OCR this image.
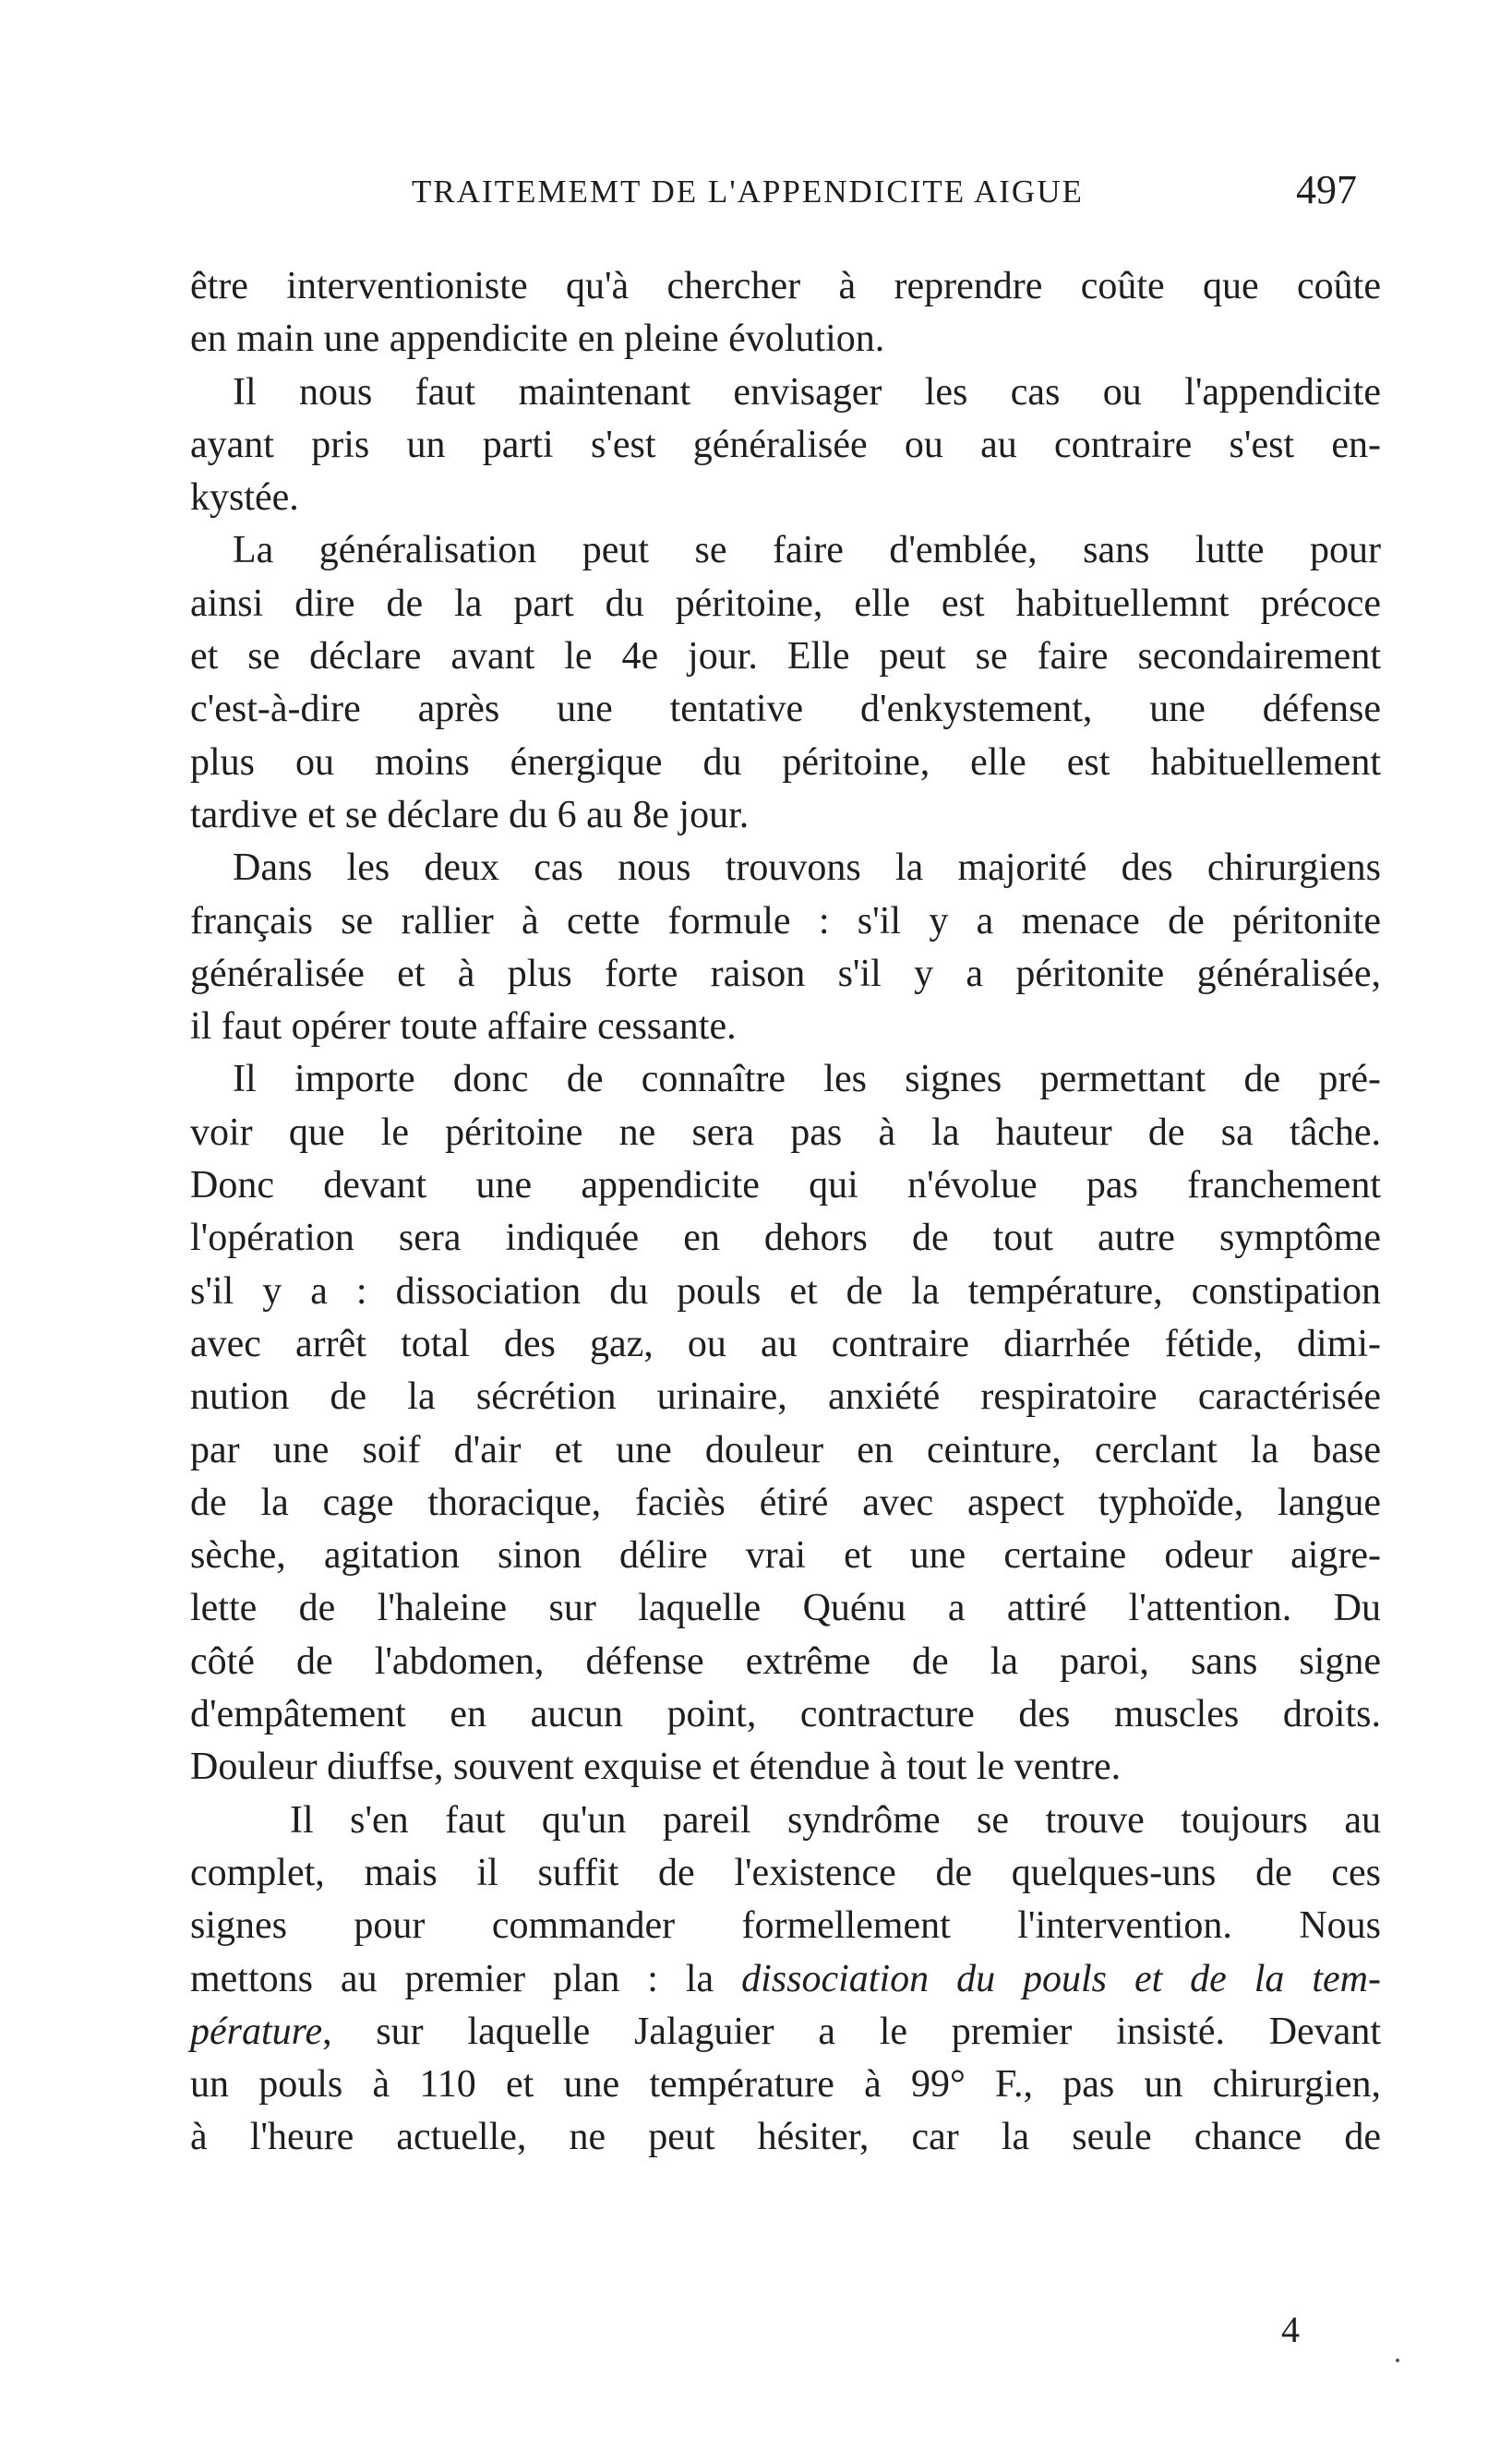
TRAITEMEMT DE L'APPENDICITE AIGUE	497
être interventioniste qu'à chercher à reprendre coûte que coûte
en main une appendicite en pleine évolution.
Il nous faut maintenant envisager les cas ou l'appendicite
ayant pris un parti s'est généralisée ou au contraire s'est en-
kystée.
La généralisation peut se faire d'emblée, sans lutte pour
ainsi dire de la part du péritoine, elle est habituellemnt précoce
et se déclare avant le 4e jour. Elle peut se faire secondairement
c'est-à-dire après une tentative d'enkystement, une défense
plus ou moins énergique du péritoine, elle est habituellement
tardive et se déclare du 6 au 8e jour.
Dans les deux cas nous trouvons la majorité des chirurgiens
français se rallier à cette formule : s'il y a menace de péritonite
généralisée et à plus forte raison s'il y a péritonite généralisée,
il faut opérer toute affaire cessante.
Il importe donc de connaître les signes permettant de pré-
voir que le péritoine ne sera pas à la hauteur de sa tâche.
Donc devant une appendicite qui n'évolue pas franchement
l'opération sera indiquée en dehors de tout autre symptôme
s'il y a : dissociation du pouls et de la température, constipation
avec arrêt total des gaz, ou au contraire diarrhée fétide, dimi-
nution de la sécrétion urinaire, anxiété respiratoire caractérisée
par une soif d'air et une douleur en ceinture, cerclant la base
de la cage thoracique, faciès étiré avec aspect typhoïde, langue
sèche, agitation sinon délire vrai et une certaine odeur aigre-
lette de l'haleine sur laquelle Quénu a attiré l'attention. Du
côté de l'abdomen, défense extrême de la paroi, sans signe
d'empâtement en aucun point, contracture des muscles droits.
Douleur diuffse, souvent exquise et étendue à tout le ventre.
Il s'en faut qu'un pareil syndrôme se trouve toujours au
complet, mais il suffit de l'existence de quelques-uns de ces
signes pour commander formellement l'intervention. Nous
mettons au premier plan : la dissociation du pouls et de la tem-
pérature, sur laquelle Jalaguier a le premier insisté. Devant
un pouls à 110 et une température à 99° F., pas un chirurgien,
à l'heure actuelle, ne peut hésiter, car la seule chance de
4
